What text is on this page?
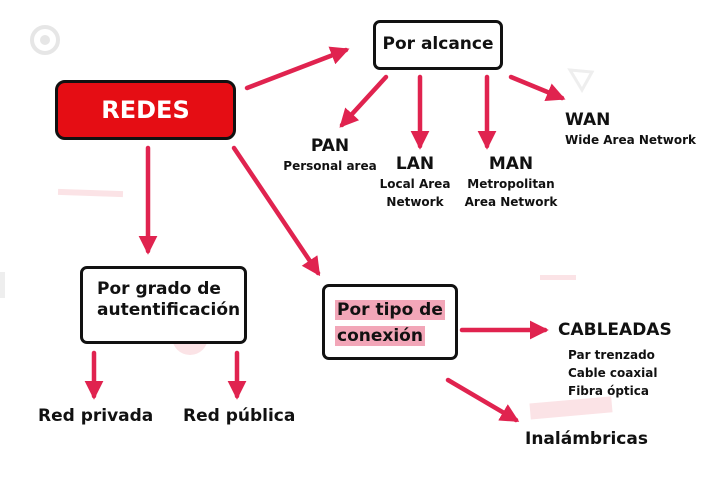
REDES
Por alcance
PAN
Personal area	LAN
Local Area
Network
MAN
Metropolitan
Area Network
WAN
Wide Area Network
Por grado de
autentificación
Red privada Red pública
Por tipo de
conexión	CABLEADAS
Par trenzado
Cable coaxial
Fibra óptica
Inalámbricas
